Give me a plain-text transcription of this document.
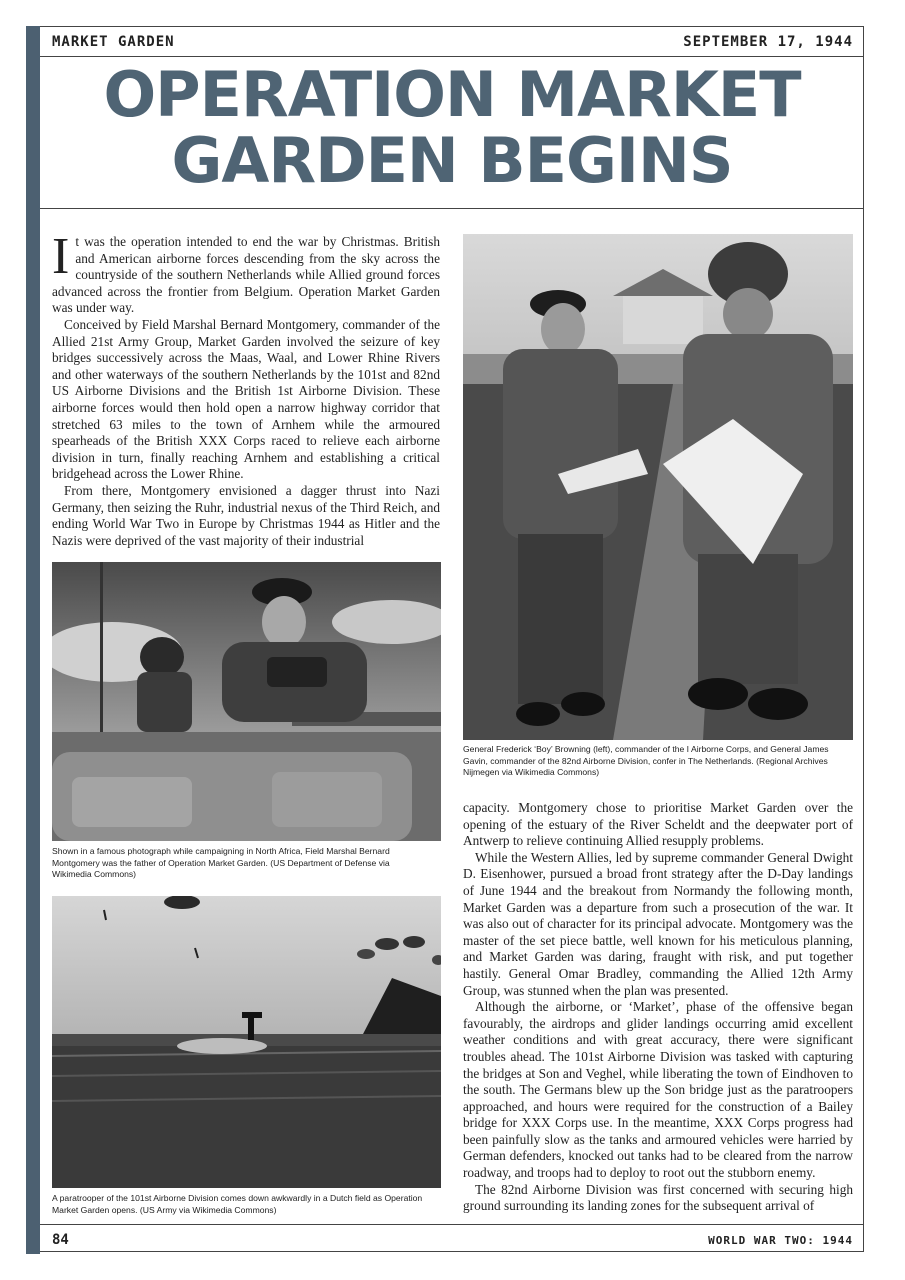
MARKET GARDEN	SEPTEMBER 17, 1944
OPERATION MARKET
GARDEN BEGINS

It was the operation intended to end the war by Christmas. British and American airborne forces descending from the sky across the countryside of the southern Netherlands while Allied ground forces advanced across the frontier from Belgium. Operation Market Garden was under way.

Conceived by Field Marshal Bernard Montgomery, commander of the Allied 21st Army Group, Market Garden involved the seizure of key bridges successively across the Maas, Waal, and Lower Rhine Rivers and other waterways of the southern Netherlands by the 101st and 82nd US Airborne Divisions and the British 1st Airborne Division. These airborne forces would then hold open a narrow highway corridor that stretched 63 miles to the town of Arnhem while the armoured spearheads of the British XXX Corps raced to relieve each airborne division in turn, finally reaching Arnhem and establishing a critical bridgehead across the Lower Rhine.

From there, Montgomery envisioned a dagger thrust into Nazi Germany, then seizing the Ruhr, industrial nexus of the Third Reich, and ending World War Two in Europe by Christmas 1944 as Hitler and the Nazis were deprived of the vast majority of their industrial

General Frederick ‘Boy’ Browning (left), commander of the I Airborne Corps, and General James Gavin, commander of the 82nd Airborne Division, confer in The Netherlands. (Regional Archives Nijmegen via Wikimedia Commons)
Shown in a famous photograph while campaigning in North Africa, Field Marshal Bernard Montgomery was the father of Operation Market Garden. (US Department of Defense via Wikimedia Commons)
A paratrooper of the 101st Airborne Division comes down awkwardly in a Dutch field as Operation Market Garden opens. (US Army via Wikimedia Commons)

capacity. Montgomery chose to prioritise Market Garden over the opening of the estuary of the River Scheldt and the deepwater port of Antwerp to relieve continuing Allied resupply problems.

While the Western Allies, led by supreme commander General Dwight D. Eisenhower, pursued a broad front strategy after the D-Day landings of June 1944 and the breakout from Normandy the following month, Market Garden was a departure from such a prosecution of the war. It was also out of character for its principal advocate. Montgomery was the master of the set piece battle, well known for his meticulous planning, and Market Garden was daring, fraught with risk, and put together hastily. General Omar Bradley, commanding the Allied 12th Army Group, was stunned when the plan was presented.

Although the airborne, or ‘Market’, phase of the offensive began favourably, the airdrops and glider landings occurring amid excellent weather conditions and with great accuracy, there were significant troubles ahead. The 101st Airborne Division was tasked with capturing the bridges at Son and Veghel, while liberating the town of Eindhoven to the south. The Germans blew up the Son bridge just as the paratroopers approached, and hours were required for the construction of a Bailey bridge for XXX Corps use. In the meantime, XXX Corps progress had been painfully slow as the tanks and armoured vehicles were harried by German defenders, knocked out tanks had to be cleared from the narrow roadway, and troops had to deploy to root out the stubborn enemy.

The 82nd Airborne Division was first concerned with securing high ground surrounding its landing zones for the subsequent arrival of

84	WORLD WAR TWO: 1944
